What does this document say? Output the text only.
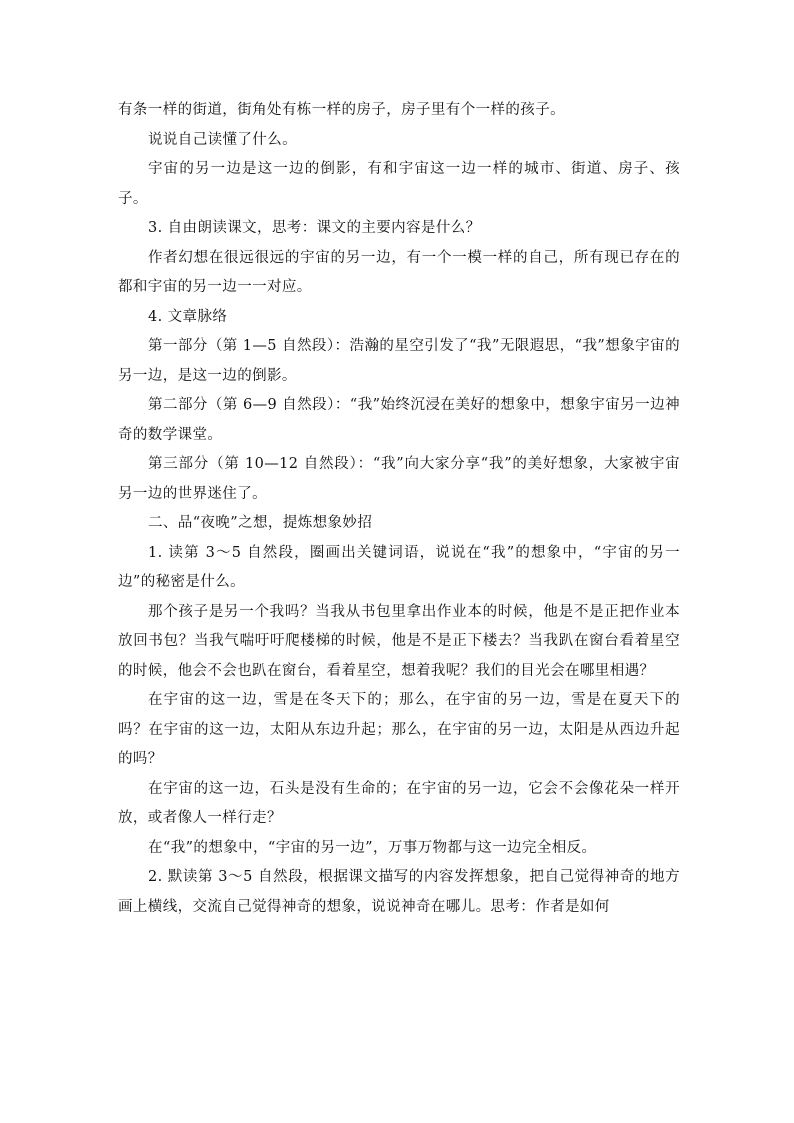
有条一样的街道，街角处有栋一样的房子，房子里有个一样的孩子。

说说自己读懂了什么。

宇宙的另一边是这一边的倒影，有和宇宙这一边一样的城市、街道、房子、孩子。

3. 自由朗读课文，思考：课文的主要内容是什么？

作者幻想在很远很远的宇宙的另一边，有一个一模一样的自己，所有现已存在的都和宇宙的另一边一一对应。

4. 文章脉络

第一部分（第 1—5 自然段）：浩瀚的星空引发了“我”无限遐思，“我”想象宇宙的另一边，是这一边的倒影。

第二部分（第 6—9 自然段）：“我”始终沉浸在美好的想象中，想象宇宙另一边神奇的数学课堂。

第三部分（第 10—12 自然段）：“我”向大家分享“我”的美好想象，大家被宇宙另一边的世界迷住了。

二、品“夜晚”之想，提炼想象妙招

1. 读第 3～5 自然段，圈画出关键词语，说说在“我”的想象中，“宇宙的另一边”的秘密是什么。

那个孩子是另一个我吗？当我从书包里拿出作业本的时候，他是不是正把作业本放回书包？当我气喘吁吁爬楼梯的时候，他是不是正下楼去？当我趴在窗台看着星空的时候，他会不会也趴在窗台，看着星空，想着我呢？我们的目光会在哪里相遇？

在宇宙的这一边，雪是在冬天下的；那么，在宇宙的另一边，雪是在夏天下的吗？在宇宙的这一边，太阳从东边升起；那么，在宇宙的另一边，太阳是从西边升起的吗？

在宇宙的这一边，石头是没有生命的；在宇宙的另一边，它会不会像花朵一样开放，或者像人一样行走？

在“我”的想象中，“宇宙的另一边”，万事万物都与这一边完全相反。

2. 默读第 3～5 自然段，根据课文描写的内容发挥想象，把自己觉得神奇的地方画上横线，交流自己觉得神奇的想象，说说神奇在哪儿。思考：作者是如何
